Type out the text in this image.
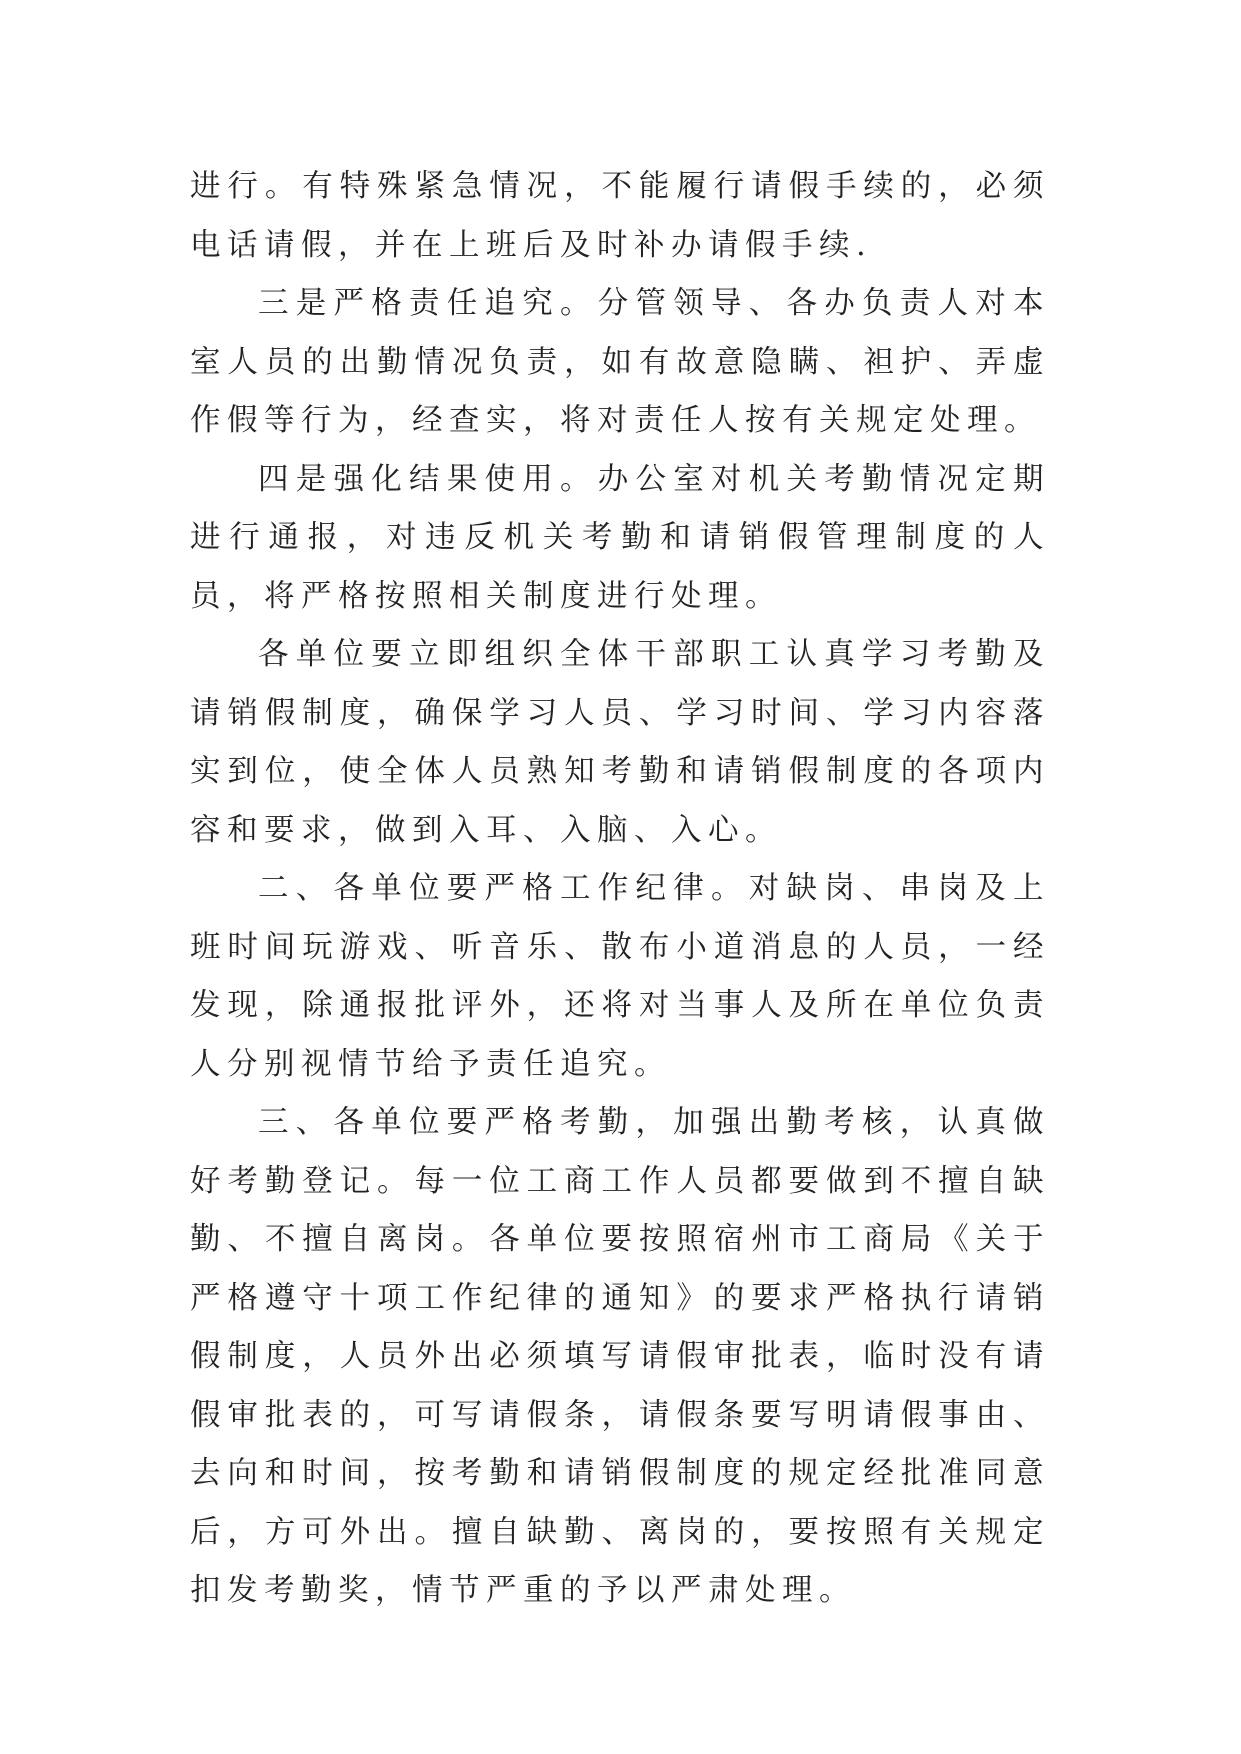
进行。有特殊紧急情况，不能履行请假手续的，必须电话请假，并在上班后及时补办请假手续.

三是严格责任追究。分管领导、各办负责人对本室人员的出勤情况负责，如有故意隐瞒、袒护、弄虚作假等行为，经查实，将对责任人按有关规定处理。

四是强化结果使用。办公室对机关考勤情况定期进行通报，对违反机关考勤和请销假管理制度的人员，将严格按照相关制度进行处理。

各单位要立即组织全体干部职工认真学习考勤及请销假制度，确保学习人员、学习时间、学习内容落实到位，使全体人员熟知考勤和请销假制度的各项内容和要求，做到入耳、入脑、入心。

二、各单位要严格工作纪律。对缺岗、串岗及上班时间玩游戏、听音乐、散布小道消息的人员，一经发现，除通报批评外，还将对当事人及所在单位负责人分别视情节给予责任追究。

三、各单位要严格考勤，加强出勤考核，认真做好考勤登记。每一位工商工作人员都要做到不擅自缺勤、不擅自离岗。各单位要按照宿州市工商局《关于严格遵守十项工作纪律的通知》的要求严格执行请销假制度，人员外出必须填写请假审批表，临时没有请假审批表的，可写请假条，请假条要写明请假事由、去向和时间，按考勤和请销假制度的规定经批准同意后，方可外出。擅自缺勤、离岗的，要按照有关规定扣发考勤奖，情节严重的予以严肃处理。
